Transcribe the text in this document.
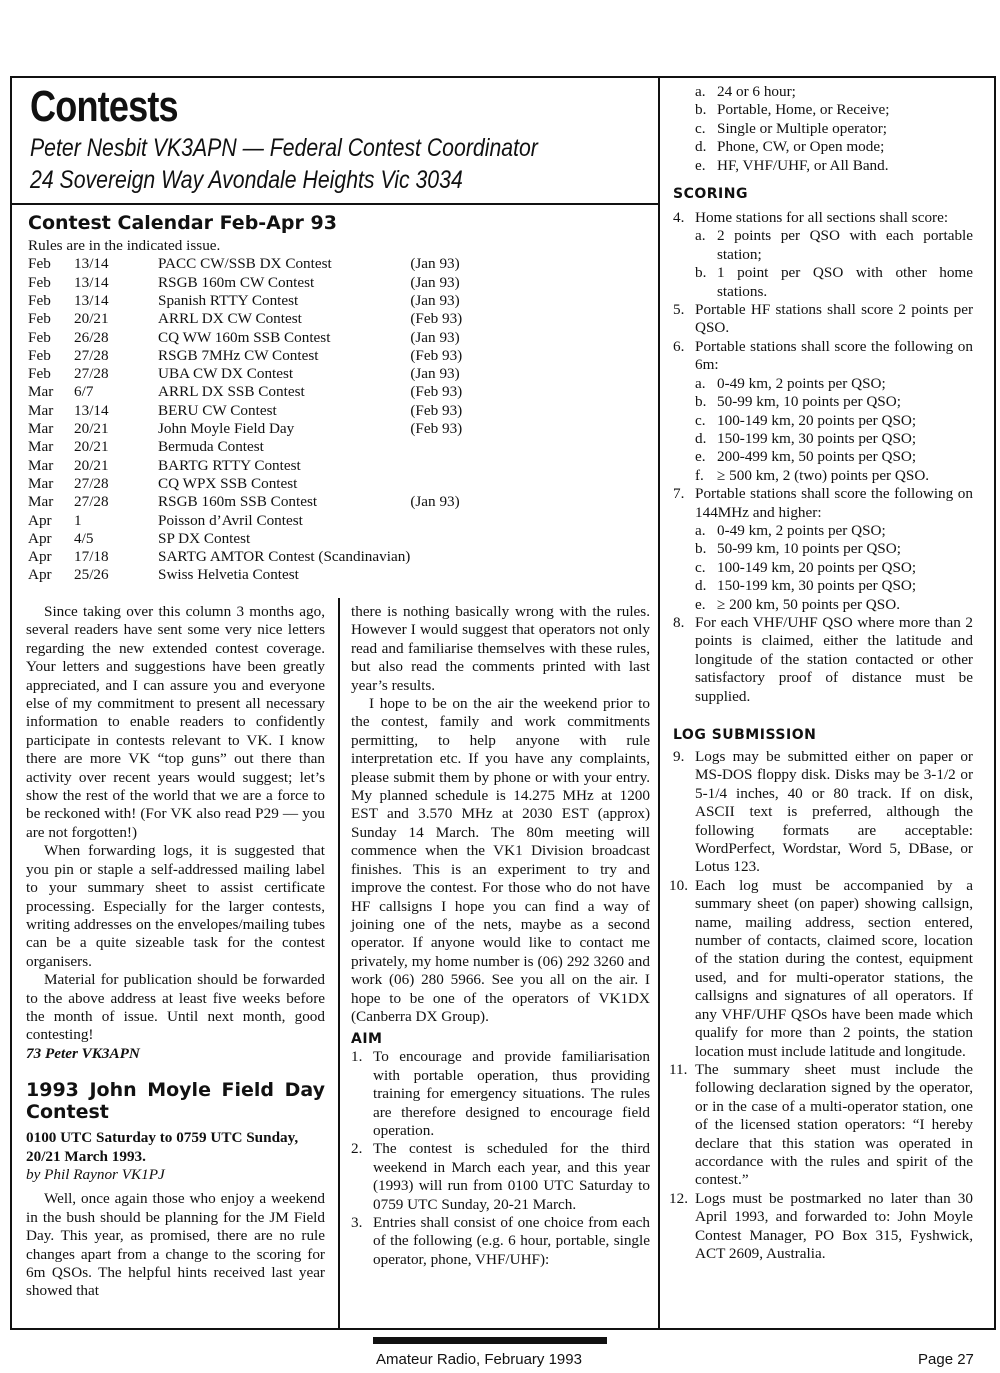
Contests
Peter Nesbit VK3APN — Federal Contest Coordinator
24 Sovereign Way Avondale Heights Vic 3034
Contest Calendar Feb-Apr 93
Rules are in the indicated issue.
Feb	13/14	PACC CW/SSB DX Contest	(Jan 93)
Feb	13/14	RSGB 160m CW Contest	(Jan 93)
Feb	13/14	Spanish RTTY Contest	(Jan 93)
Feb	20/21	ARRL DX CW Contest	(Feb 93)
Feb	26/28	CQ WW 160m SSB Contest	(Jan 93)
Feb	27/28	RSGB 7MHz CW Contest	(Feb 93)
Feb	27/28	UBA CW DX Contest	(Jan 93)
Mar	6/7	ARRL DX SSB Contest	(Feb 93)
Mar	13/14	BERU CW Contest	(Feb 93)
Mar	20/21	John Moyle Field Day	(Feb 93)
Mar	20/21	Bermuda Contest	
Mar	20/21	BARTG RTTY Contest	
Mar	27/28	CQ WPX SSB Contest	
Mar	27/28	RSGB 160m SSB Contest	(Jan 93)
Apr	1	Poisson d’Avril Contest	
Apr	4/5	SP DX Contest	
Apr	17/18	SARTG AMTOR Contest (Scandinavian)	
Apr	25/26	Swiss Helvetia Contest	

Since taking over this column 3 months ago, several readers have sent some very nice letters regarding the new extended contest coverage. Your letters and suggestions have been greatly appreciated, and I can assure you and everyone else of my commitment to present all necessary information to enable readers to confidently participate in contests relevant to VK. I know there are more VK “top guns” out there than activity over recent years would suggest; let’s show the rest of the world that we are a force to be reckoned with! (For VK also read P29 — you are not forgotten!)

When forwarding logs, it is suggested that you pin or staple a self-addressed mailing label to your summary sheet to assist certificate processing. Especially for the larger contests, writing addresses on the envelopes/mailing tubes can be a quite sizeable task for the contest organisers.

Material for publication should be forwarded to the above address at least five weeks before the month of issue. Until next month, good contesting!

73 Peter VK3APN
1993 John Moyle Field Day Contest
0100 UTC Saturday to 0759 UTC Sunday, 20/21 March 1993.
by Phil Raynor VK1PJ

Well, once again those who enjoy a weekend in the bush should be planning for the JM Field Day. This year, as promised, there are no rule changes apart from a change to the scoring for 6m QSOs. The helpful hints received last year showed that

there is nothing basically wrong with the rules. However I would suggest that operators not only read and familiarise themselves with these rules, but also read the comments printed with last year’s results.

I hope to be on the air the weekend prior to the contest, family and work commitments permitting, to help anyone with rule interpretation etc. If you have any complaints, please submit them by phone or with your entry. My planned schedule is 14.275 MHz at 1200 EST and 3.570 MHz at 2030 EST (approx) Sunday 14 March. The 80m meeting will commence when the VK1 Division broadcast finishes. This is an experiment to try and improve the contest. For those who do not have HF callsigns I hope you can find a way of joining one of the nets, maybe as a second operator. If anyone would like to contact me privately, my home number is (06) 292 3260 and work (06) 280 5966. See you all on the air. I hope to be one of the operators of VK1DX (Canberra DX Group).

AIM
1. To encourage and provide familiarisation with portable operation, thus providing training for emergency situations. The rules are therefore designed to encourage field operation.
2. The contest is scheduled for the third weekend in March each year, and this year (1993) will run from 0100 UTC Saturday to 0759 UTC Sunday, 20-21 March.
3. Entries shall consist of one choice from each of the following (e.g. 6 hour, portable, single operator, phone, VHF/UHF):
a. 24 or 6 hour;
b. Portable, Home, or Receive;
c. Single or Multiple operator;
d. Phone, CW, or Open mode;
e. HF, VHF/UHF, or All Band.
SCORING
4. Home stations for all sections shall score:
a. 2 points per QSO with each portable station;
b. 1 point per QSO with other home stations.
5. Portable HF stations shall score 2 points per QSO.
6. Portable stations shall score the following on 6m:
a. 0-49 km, 2 points per QSO;
b. 50-99 km, 10 points per QSO;
c. 100-149 km, 20 points per QSO;
d. 150-199 km, 30 points per QSO;
e. 200-499 km, 50 points per QSO;
f. ≥ 500 km, 2 (two) points per QSO.
7. Portable stations shall score the following on 144MHz and higher:
a. 0-49 km, 2 points per QSO;
b. 50-99 km, 10 points per QSO;
c. 100-149 km, 20 points per QSO;
d. 150-199 km, 30 points per QSO;
e. ≥ 200 km, 50 points per QSO.
8. For each VHF/UHF QSO where more than 2 points is claimed, either the latitude and longitude of the station contacted or other satisfactory proof of distance must be supplied.
LOG SUBMISSION
9. Logs may be submitted either on paper or MS-DOS floppy disk. Disks may be 3-1/2 or 5-1/4 inches, 40 or 80 track. If on disk, ASCII text is preferred, although the following formats are acceptable: WordPerfect, Wordstar, Word 5, DBase, or Lotus 123.
10. Each log must be accompanied by a summary sheet (on paper) showing callsign, name, mailing address, section entered, number of contacts, claimed score, location of the station during the contest, equipment used, and for multi-operator stations, the callsigns and signatures of all operators. If any VHF/UHF QSOs have been made which qualify for more than 2 points, the station location must include latitude and longitude.
11. The summary sheet must include the following declaration signed by the operator, or in the case of a multi-operator station, one of the licensed station operators: “I hereby declare that this station was operated in accordance with the rules and spirit of the contest.”
12. Logs must be postmarked no later than 30 April 1993, and forwarded to: John Moyle Contest Manager, PO Box 315, Fyshwick, ACT 2609, Australia.
Amateur Radio, February 1993	Page 27
